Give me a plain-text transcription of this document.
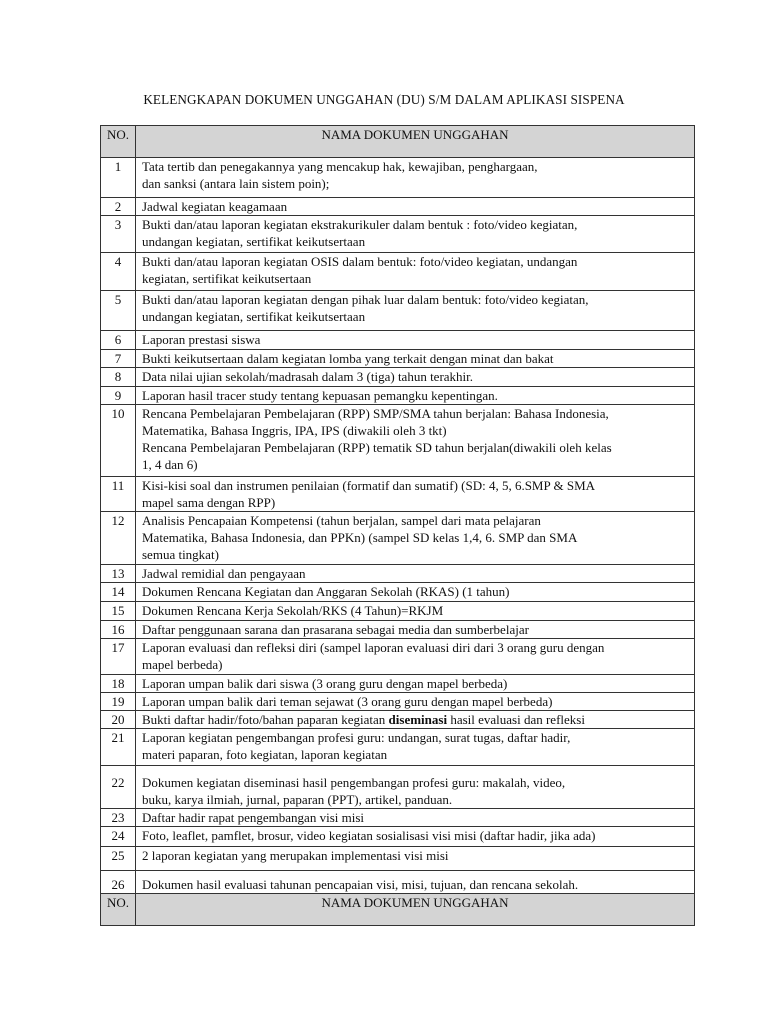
KELENGKAPAN DOKUMEN UNGGAHAN (DU) S/M DALAM APLIKASI SISPENA
NO.	NAMA DOKUMEN UNGGAHAN
1	Tata tertib dan penegakannya yang mencakup hak, kewajiban, penghargaan,
dan sanksi (antara lain sistem poin);
2	Jadwal kegiatan keagamaan
3	Bukti dan/atau laporan kegiatan ekstrakurikuler dalam bentuk : foto/video kegiatan,
undangan kegiatan, sertifikat keikutsertaan
4	Bukti dan/atau laporan kegiatan OSIS dalam bentuk: foto/video kegiatan, undangan
kegiatan, sertifikat keikutsertaan
5	Bukti dan/atau laporan kegiatan dengan pihak luar dalam bentuk: foto/video kegiatan,
undangan kegiatan, sertifikat keikutsertaan
6	Laporan prestasi siswa
7	Bukti keikutsertaan dalam kegiatan lomba yang terkait dengan minat dan bakat
8	Data nilai ujian sekolah/madrasah dalam 3 (tiga) tahun terakhir.
9	Laporan hasil tracer study tentang kepuasan pemangku kepentingan.
10	Rencana Pembelajaran Pembelajaran (RPP) SMP/SMA tahun berjalan: Bahasa Indonesia,
Matematika, Bahasa Inggris, IPA, IPS (diwakili oleh 3 tkt)
Rencana Pembelajaran Pembelajaran (RPP) tematik SD tahun berjalan(diwakili oleh kelas
1, 4 dan 6)
11	Kisi-kisi soal dan instrumen penilaian (formatif dan sumatif) (SD: 4, 5, 6.SMP & SMA
mapel sama dengan RPP)
12	Analisis Pencapaian Kompetensi (tahun berjalan, sampel dari mata pelajaran
Matematika, Bahasa Indonesia, dan PPKn) (sampel SD kelas 1,4, 6. SMP dan SMA
semua tingkat)
13	Jadwal remidial dan pengayaan
14	Dokumen Rencana Kegiatan dan Anggaran Sekolah (RKAS) (1 tahun)
15	Dokumen Rencana Kerja Sekolah/RKS (4 Tahun)=RKJM
16	Daftar penggunaan sarana dan prasarana sebagai media dan sumberbelajar
17	Laporan evaluasi dan refleksi diri (sampel laporan evaluasi diri dari 3 orang guru dengan
mapel berbeda)
18	Laporan umpan balik dari siswa (3 orang guru dengan mapel berbeda)
19	Laporan umpan balik dari teman sejawat (3 orang guru dengan mapel berbeda)
20	Bukti daftar hadir/foto/bahan paparan kegiatan diseminasi hasil evaluasi dan refleksi
21	Laporan kegiatan pengembangan profesi guru: undangan, surat tugas, daftar hadir,
materi paparan, foto kegiatan, laporan kegiatan
22	Dokumen kegiatan diseminasi hasil pengembangan profesi guru: makalah, video,
buku, karya ilmiah, jurnal, paparan (PPT), artikel, panduan.
23	Daftar hadir rapat pengembangan visi misi
24	Foto, leaflet, pamflet, brosur, video kegiatan sosialisasi visi misi (daftar hadir, jika ada)
25	2 laporan kegiatan yang merupakan implementasi visi misi
26	Dokumen hasil evaluasi tahunan pencapaian visi, misi, tujuan, dan rencana sekolah.
NO.	NAMA DOKUMEN UNGGAHAN
